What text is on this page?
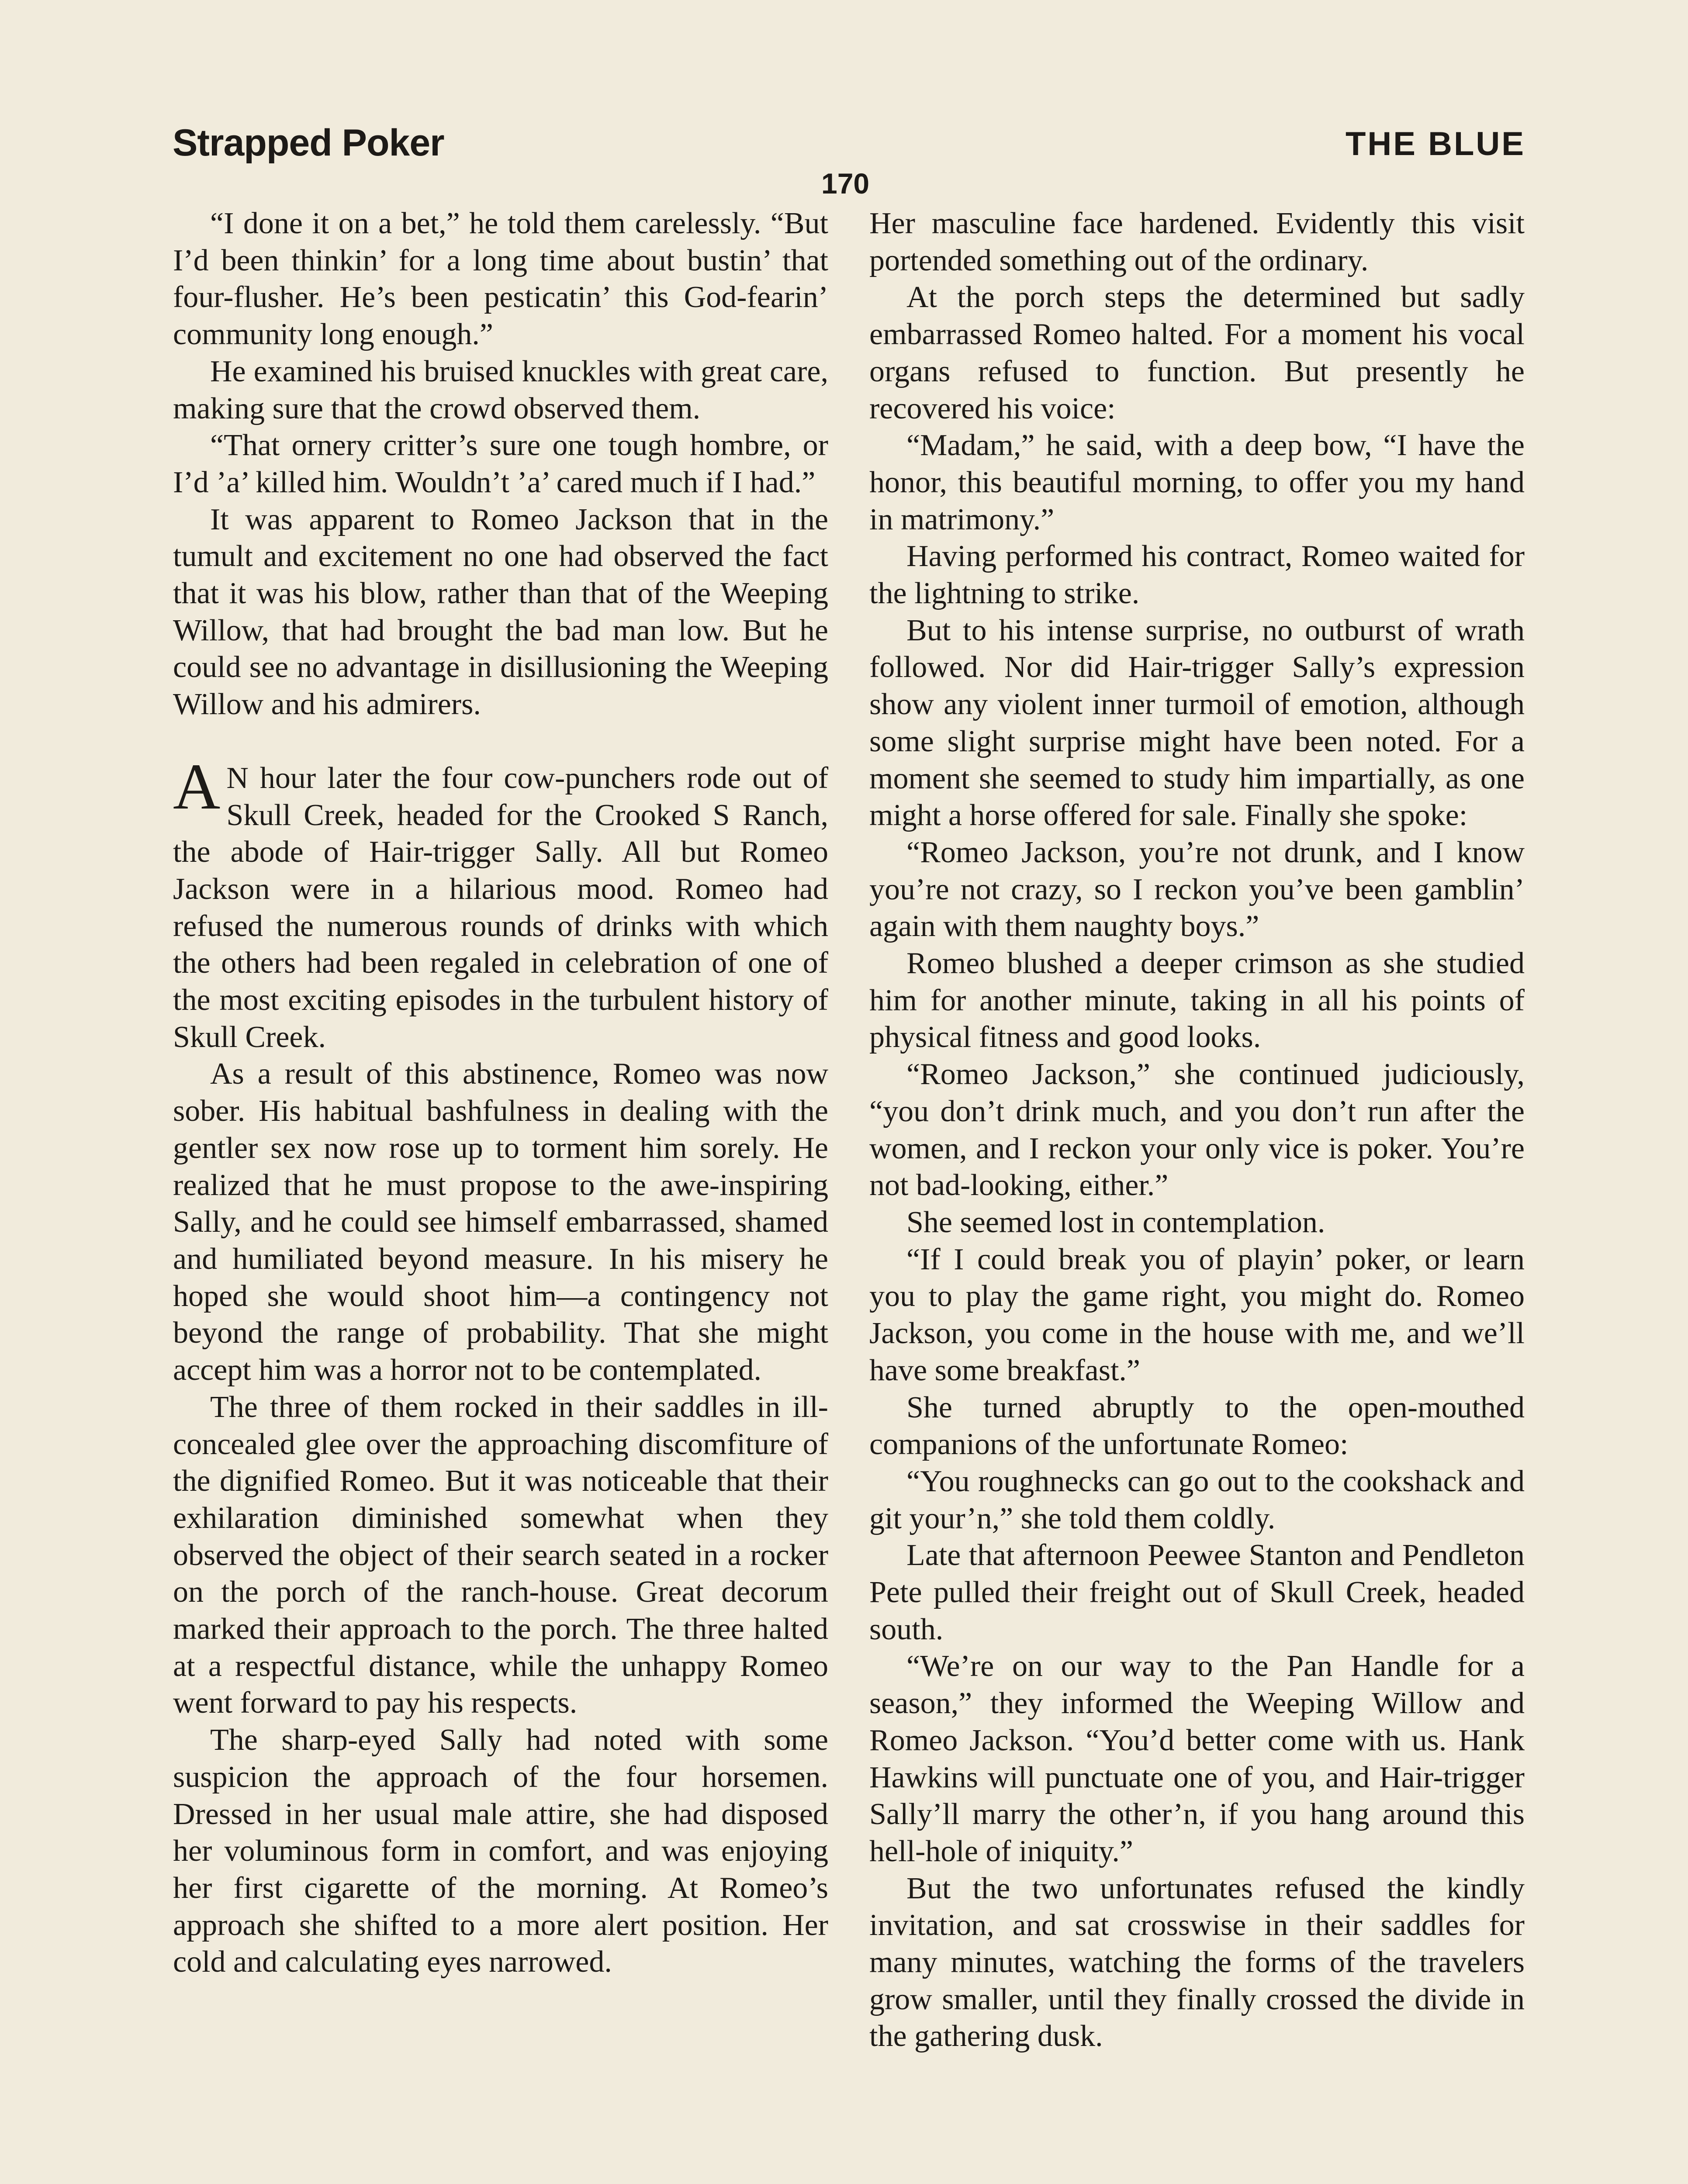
Strapped Poker	THE BLUE
170

“I done it on a bet,” he told them carelessly. “But I’d been thinkin’ for a long time about bustin’ that four-flusher. He’s been pesticatin’ this God-fearin’ community long enough.”

He examined his bruised knuckles with great care, making sure that the crowd observed them.

“That ornery critter’s sure one tough hombre, or I’d ’a’ killed him. Wouldn’t ’a’ cared much if I had.”

It was apparent to Romeo Jackson that in the tumult and excitement no one had observed the fact that it was his blow, rather than that of the Weeping Willow, that had brought the bad man low. But he could see no advantage in disillusioning the Weeping Willow and his admirers.

A N hour later the four cow-punchers rode out of Skull Creek, headed for the Crooked S Ranch, the abode of Hair-trigger Sally. All but Romeo Jackson were in a hilarious mood. Romeo had refused the numerous rounds of drinks with which the others had been regaled in celebration of one of the most exciting episodes in the turbulent history of Skull Creek.

As a result of this abstinence, Romeo was now sober. His habitual bashfulness in dealing with the gentler sex now rose up to torment him sorely. He realized that he must propose to the awe-inspiring Sally, and he could see himself embarrassed, shamed and humiliated beyond measure. In his misery he hoped she would shoot him—a contingency not beyond the range of probability. That she might accept him was a horror not to be contemplated.

The three of them rocked in their saddles in ill-concealed glee over the approaching discomfiture of the dignified Romeo. But it was noticeable that their exhilaration diminished somewhat when they observed the object of their search seated in a rocker on the porch of the ranch-house. Great decorum marked their approach to the porch. The three halted at a respectful distance, while the unhappy Romeo went forward to pay his respects.

The sharp-eyed Sally had noted with some suspicion the approach of the four horsemen. Dressed in her usual male attire, she had disposed her voluminous form in comfort, and was enjoying her first cigarette of the morning. At Romeo’s approach she shifted to a more alert position. Her cold and calculating eyes narrowed.

Her masculine face hardened. Evidently this visit portended something out of the ordinary.

At the porch steps the determined but sadly embarrassed Romeo halted. For a moment his vocal organs refused to function. But presently he recovered his voice:

“Madam,” he said, with a deep bow, “I have the honor, this beautiful morning, to offer you my hand in matrimony.”

Having performed his contract, Romeo waited for the lightning to strike.

But to his intense surprise, no outburst of wrath followed. Nor did Hair-trigger Sally’s expression show any violent inner turmoil of emotion, although some slight surprise might have been noted. For a moment she seemed to study him impartially, as one might a horse offered for sale. Finally she spoke:

“Romeo Jackson, you’re not drunk, and I know you’re not crazy, so I reckon you’ve been gamblin’ again with them naughty boys.”

Romeo blushed a deeper crimson as she studied him for another minute, taking in all his points of physical fitness and good looks.

“Romeo Jackson,” she continued judiciously, “you don’t drink much, and you don’t run after the women, and I reckon your only vice is poker. You’re not bad-looking, either.”

She seemed lost in contemplation.

“If I could break you of playin’ poker, or learn you to play the game right, you might do. Romeo Jackson, you come in the house with me, and we’ll have some breakfast.”

She turned abruptly to the open-mouthed companions of the unfortunate Romeo:

“You roughnecks can go out to the cookshack and git your’n,” she told them coldly.

Late that afternoon Peewee Stanton and Pendleton Pete pulled their freight out of Skull Creek, headed south.

“We’re on our way to the Pan Handle for a season,” they informed the Weeping Willow and Romeo Jackson. “You’d better come with us. Hank Hawkins will punctuate one of you, and Hair-trigger Sally’ll marry the other’n, if you hang around this hell-hole of iniquity.”

But the two unfortunates refused the kindly invitation, and sat crosswise in their saddles for many minutes, watching the forms of the travelers grow smaller, until they finally crossed the divide in the gathering dusk.
